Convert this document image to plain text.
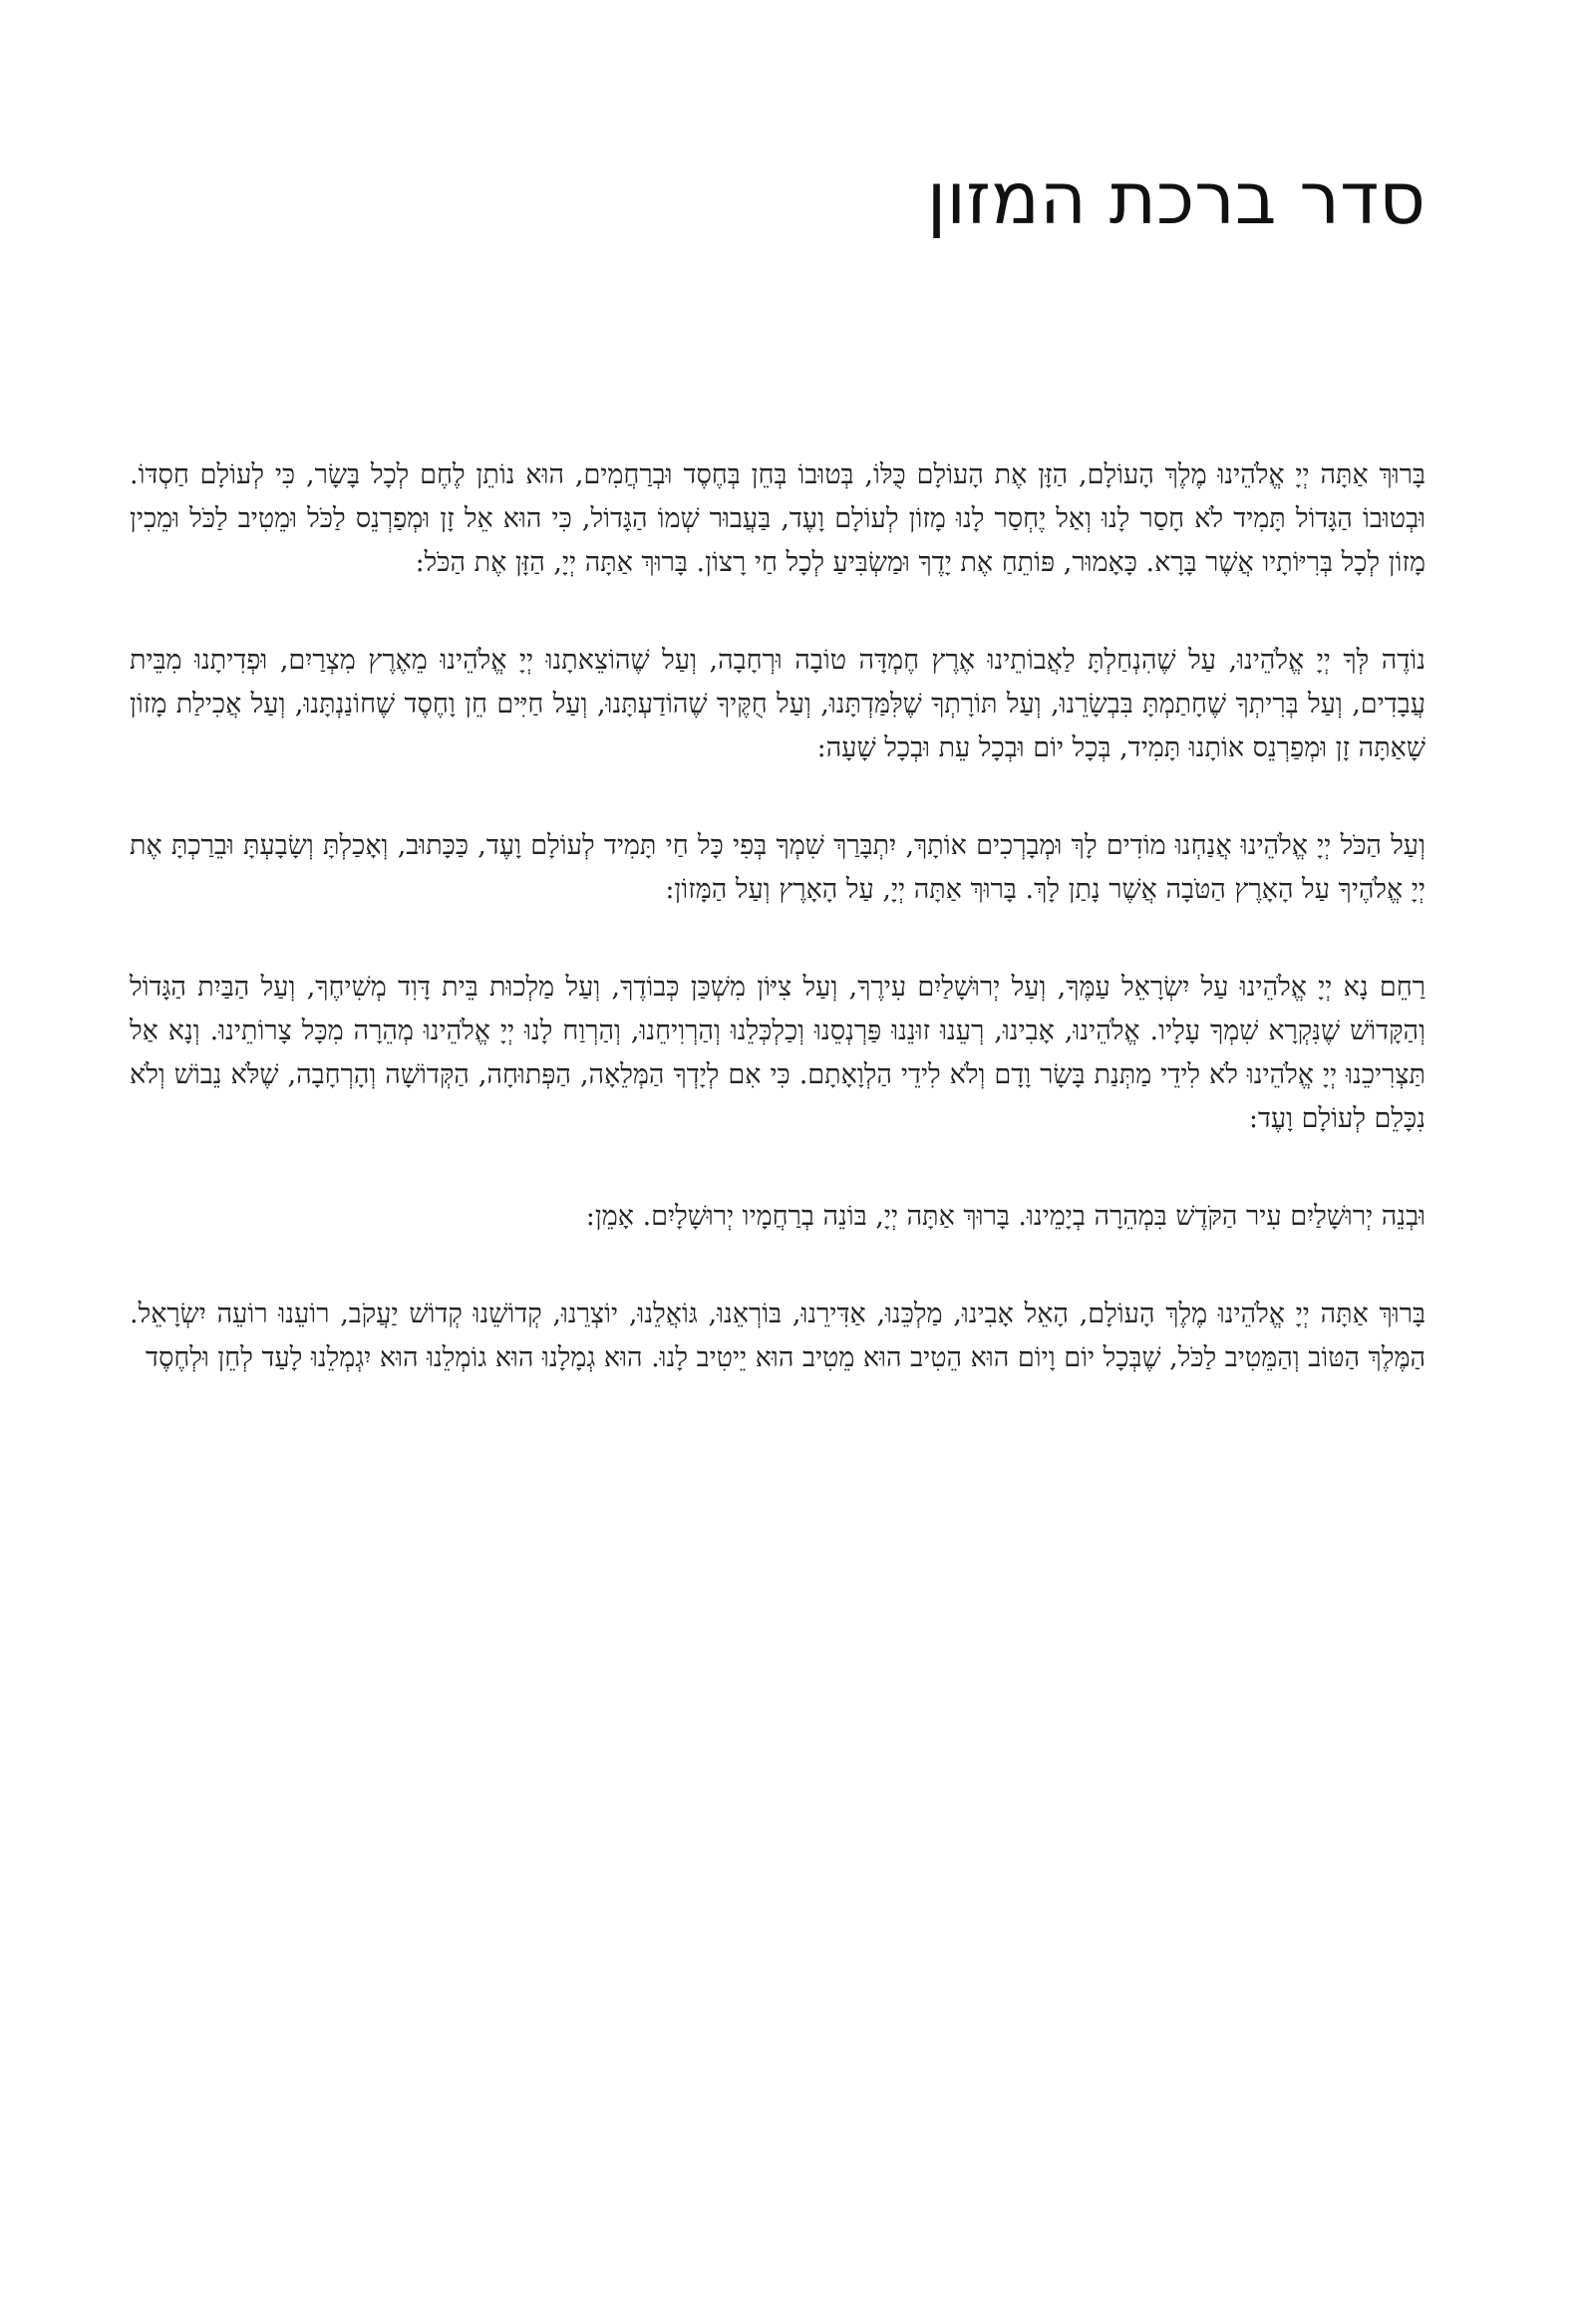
סדר ברכת המזון

בָּרוּךְ אַתָּה יְיָ אֱלֹהֵינוּ מֶלֶךְ הָעוֹלָם, הַזָּן אֶת הָעוֹלָם כֻּלּוֹ, בְּטוּבוֹ בְּחֵן בְּחֶסֶד וּבְרַחֲמִים, הוּא נוֹתֵן לֶחֶם לְכָל בָּשָׂר, כִּי לְעוֹלָם חַסְדּוֹ. וּבְטוּבוֹ הַגָּדוֹל תָּמִיד לֹא חָסַר לָנוּ וְאַל יֶחְסַר לָנוּ מָזוֹן לְעוֹלָם וָעֶד, בַּעֲבוּר שְׁמוֹ הַגָּדוֹל, כִּי הוּא אֵל זָן וּמְפַרְנֵס לַכֹּל וּמֵטִיב לַכֹּל וּמֵכִין מָזוֹן לְכָל בְּרִיּוֹתָיו אֲשֶׁר בָּרָא. כָּאָמוּר, פּוֹתֵחַ אֶת יָדֶךָ וּמַשְׂבִּיעַ לְכָל חַי רָצוֹן. בָּרוּךְ אַתָּה יְיָ, הַזָּן אֶת הַכֹּל:

נוֹדֶה לְּךָ יְיָ אֱלֹהֵינוּ, עַל שֶׁהִנְחַלְתָּ לַאֲבוֹתֵינוּ אֶרֶץ חֶמְדָּה טוֹבָה וּרְחָבָה, וְעַל שֶׁהוֹצֵאתָנוּ יְיָ אֱלֹהֵינוּ מֵאֶרֶץ מִצְרַיִם, וּפְדִיתָנוּ מִבֵּית עֲבָדִים, וְעַל בְּרִיתְךָ שֶׁחָתַמְתָּ בִּבְשָׂרֵנוּ, וְעַל תּוֹרָתְךָ שֶׁלִּמַּדְתָּנוּ, וְעַל חֻקֶּיךָ שֶׁהוֹדַעְתָּנוּ, וְעַל חַיִּים חֵן וָחֶסֶד שֶׁחוֹנַנְתָּנוּ, וְעַל אֲכִילַת מָזוֹן שָׁאַתָּה זָן וּמְפַרְנֵס אוֹתָנוּ תָּמִיד, בְּכָל יוֹם וּבְכָל עֵת וּבְכָל שָׁעָה:

וְעַל הַכֹּל יְיָ אֱלֹהֵינוּ אֲנַחְנוּ מוֹדִים לָךְ וּמְבָרְכִים אוֹתָךְ, יִתְבָּרַךְ שִׁמְךָ בְּפִי כָּל חַי תָּמִיד לְעוֹלָם וָעֶד, כַּכָּתוּב, וְאָכַלְתָּ וְשָׂבָעְתָּ וּבֵרַכְתָּ אֶת יְיָ אֱלֹהֶיךָ עַל הָאָרֶץ הַטֹּבָה אֲשֶׁר נָתַן לָךְ. בָּרוּךְ אַתָּה יְיָ, עַל הָאָרֶץ וְעַל הַמָּזוֹן:

רַחֵם נָא יְיָ אֱלֹהֵינוּ עַל יִשְׂרָאֵל עַמֶּךָ, וְעַל יְרוּשָׁלַיִם עִירֶךָ, וְעַל צִיּוֹן מִשְׁכַּן כְּבוֹדֶךָ, וְעַל מַלְכוּת בֵּית דָּוִד מְשִׁיחֶךָ, וְעַל הַבַּיִת הַגָּדוֹל וְהַקָּדוֹשׁ שֶׁנִּקְרָא שִׁמְךָ עָלָיו. אֱלֹהֵינוּ, אָבִינוּ, רְעֵנוּ זוּנֵנוּ פַּרְנְסֵנוּ וְכַלְכְּלֵנוּ וְהַרְוִיחֵנוּ, וְהַרְוַח לָנוּ יְיָ אֱלֹהֵינוּ מְהֵרָה מִכָּל צָרוֹתֵינוּ. וְנָא אַל תַּצְרִיכֵנוּ יְיָ אֱלֹהֵינוּ לֹא לִידֵי מַתְּנַת בָּשָׂר וָדָם וְלֹא לִידֵי הַלְוָאָתָם. כִּי אִם לְיָדְךָ הַמְּלֵאָה, הַפְּתוּחָה, הַקְּדוֹשָׁה וְהָרְחָבָה, שֶׁלֹּא נֵבוֹשׁ וְלֹא נִכָּלֵם לְעוֹלָם וָעֶד:

וּבְנֵה יְרוּשָׁלַיִם עִיר הַקֹּדֶשׁ בִּמְהֵרָה בְיָמֵינוּ. בָּרוּךְ אַתָּה יְיָ, בּוֹנֵה בְרַחֲמָיו יְרוּשָׁלָיִם. אָמֵן:

בָּרוּךְ אַתָּה יְיָ אֱלֹהֵינוּ מֶלֶךְ הָעוֹלָם, הָאֵל אָבִינוּ, מַלְכֵּנוּ, אַדִּירֵנוּ, בּוֹרְאֵנוּ, גּוֹאֲלֵנוּ, יוֹצְרֵנוּ, קְדוֹשֵׁנוּ קְדוֹשׁ יַעֲקֹב, רוֹעֵנוּ רוֹעֵה יִשְׂרָאֵל. הַמֶּלֶךְ הַטּוֹב וְהַמֵּטִיב לַכֹּל, שֶׁבְּכָל יוֹם וָיוֹם הוּא הֵטִיב הוּא מֵטִיב הוּא יֵיטִיב לָנוּ. הוּא גְמָלָנוּ הוּא גוֹמְלֵנוּ הוּא יִגְמְלֵנוּ לָעַד לְחֵן וּלְחֶסֶד
